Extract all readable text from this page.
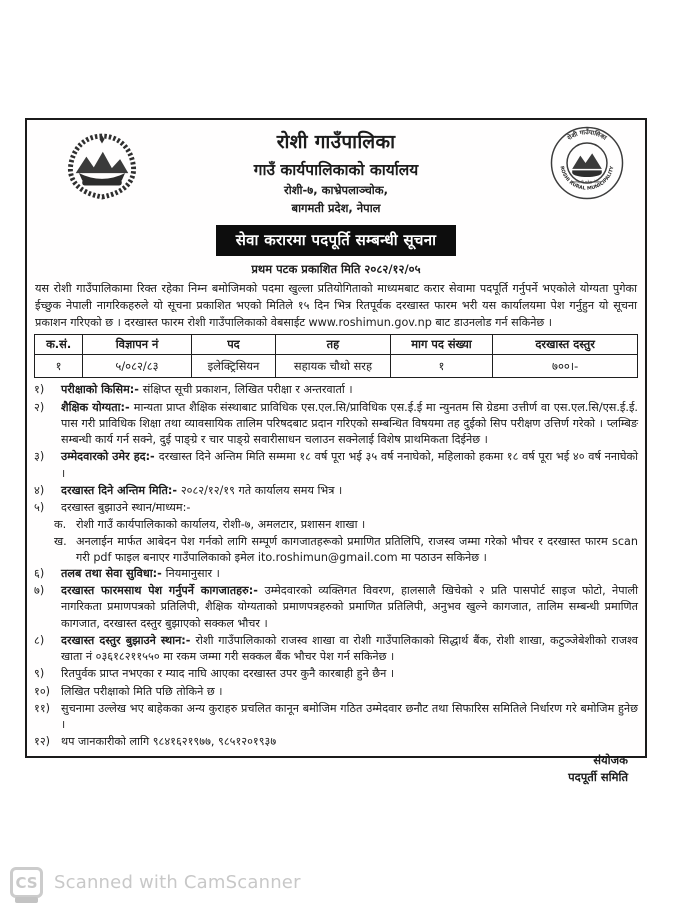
रोशी गाउँपालिका
ROSHI RURAL MUNICIPALITY
बागमती प्रदेश नेपाल
रोशी गाउँपालिका
गाउँ कार्यपालिकाको कार्यालय
रोशी-७, काभ्रेपलाञ्चोक,
बागमती प्रदेश, नेपाल
सेवा करारमा पदपूर्ति सम्बन्धी सूचना
प्रथम पटक प्रकाशित मिति २०८२/१२/०५
यस रोशी गाउँपालिकामा रिक्त रहेका निम्न बमोजिमको पदमा खुल्ला प्रतियोगिताको माध्यमबाट करार सेवामा पदपूर्ति गर्नुपर्ने भएकोले योग्यता पुगेका ईच्छुक नेपाली नागरिकहरुले यो सूचना प्रकाशित भएको मितिले १५ दिन भित्र रितपूर्वक दरखास्त फारम भरी यस कार्यालयमा पेश गर्नुहुन यो सूचना प्रकाशन गरिएको छ । दरखास्त फारम रोशी गाउँपालिकाको वेबसाईट www.roshimun.gov.np बाट डाउनलोड गर्न सकिनेछ ।
क.सं.	विज्ञापन नं	पद	तह	माग पद संख्या	दरखास्त दस्तुर
१	५/०८२/८३	इलेक्ट्रिसियन	सहायक चौथो सरह	१	७००।-
१)	परीक्षाको किसिम:- संक्षिप्त सूची प्रकाशन, लिखित परीक्षा र अन्तरवार्ता ।
२)	शैक्षिक योग्यता:- मान्यता प्राप्त शैक्षिक संस्थाबाट प्राविधिक एस.एल.सि/प्राविधिक एस.ई.ई मा न्युनतम सि ग्रेडमा उत्तीर्ण वा एस.एल.सि/एस.ई.ई. पास गरी प्राविधिक शिक्षा तथा व्यावसायिक तालिम परिषदबाट प्रदान गरिएको सम्बन्धित विषयमा तह दुईको सिप परीक्षण उत्तिर्ण गरेको । प्लम्बिङ सम्बन्धी कार्य गर्न सक्ने, दुई पाङ्ग्रे र चार पाङ्ग्रे सवारीसाधन चलाउन सक्नेलाई विशेष प्राथमिकता दिईनेछ ।
३)	उम्मेदवारको उमेर हद:- दरखास्त दिने अन्तिम मिति सम्ममा १८ वर्ष पूरा भई ३५ वर्ष ननाघेको, महिलाको हकमा १८ वर्ष पूरा भई ४० वर्ष ननाघेको ।
४)	दरखास्त दिने अन्तिम मिति:- २०८२/१२/१९ गते कार्यालय समय भित्र ।
५)	दरखास्त बुझाउने स्थान/माध्यम:-
क. रोशी गाउँ कार्यपालिकाको कार्यालय, रोशी-७, अमलटार, प्रशासन शाखा ।
ख. अनलाईन मार्फत आबेदन पेश गर्नको लागि सम्पूर्ण कागजातहरूको प्रमाणित प्रतिलिपि, राजस्व जम्मा गरेको भौचर र दरखास्त फारम scan गरी pdf फाइल बनाएर गाउँपालिकाको इमेल ito.roshimun@gmail.com मा पठाउन सकिनेछ ।
६)	तलब तथा सेवा सुविधा:- नियमानुसार ।
७)	दरखास्त फारमसाथ पेश गर्नुपर्ने कागजातहरु:- उम्मेदवारको व्यक्तिगत विवरण, हालसालै खिचेको २ प्रति पासपोर्ट साइज फोटो, नेपाली नागरिकता प्रमाणपत्रको प्रतिलिपी, शैक्षिक योग्यताको प्रमाणपत्रहरुको प्रमाणित प्रतिलिपी, अनुभव खुल्ने कागजात, तालिम सम्बन्धी प्रमाणित कागजात, दरखास्त दस्तुर बुझाएको सक्कल भौचर ।
८)	दरखास्त दस्तुर बुझाउने स्थान:- रोशी गाउँपालिकाको राजस्व शाखा वा रोशी गाउँपालिकाको सिद्धार्थ बैंक, रोशी शाखा, कटुञ्जेबेशीको राजश्व खाता नं ०३६१८२११५५० मा रकम जम्मा गरी सक्कल बैंक भौचर पेश गर्न सकिनेछ ।
९)	रितपुर्वक प्राप्त नभएका र म्याद नाघि आएका दरखास्त उपर कुनै कारबाही हुने छैन ।
१०) लिखित परीक्षाको मिति पछि तोकिने छ ।
११) सुचनामा उल्लेख भए बाहेकका अन्य कुराहरु प्रचलित कानून बमोजिम गठित उम्मेदवार छनौट तथा सिफारिस समितिले निर्धारण गरे बमोजिम हुनेछ ।
१२) थप जानकारीको लागि ९८४१६२१९७७, ९८५१२०१९३७
संयोजक
पदपूर्ती समिति
CS Scanned with CamScanner
